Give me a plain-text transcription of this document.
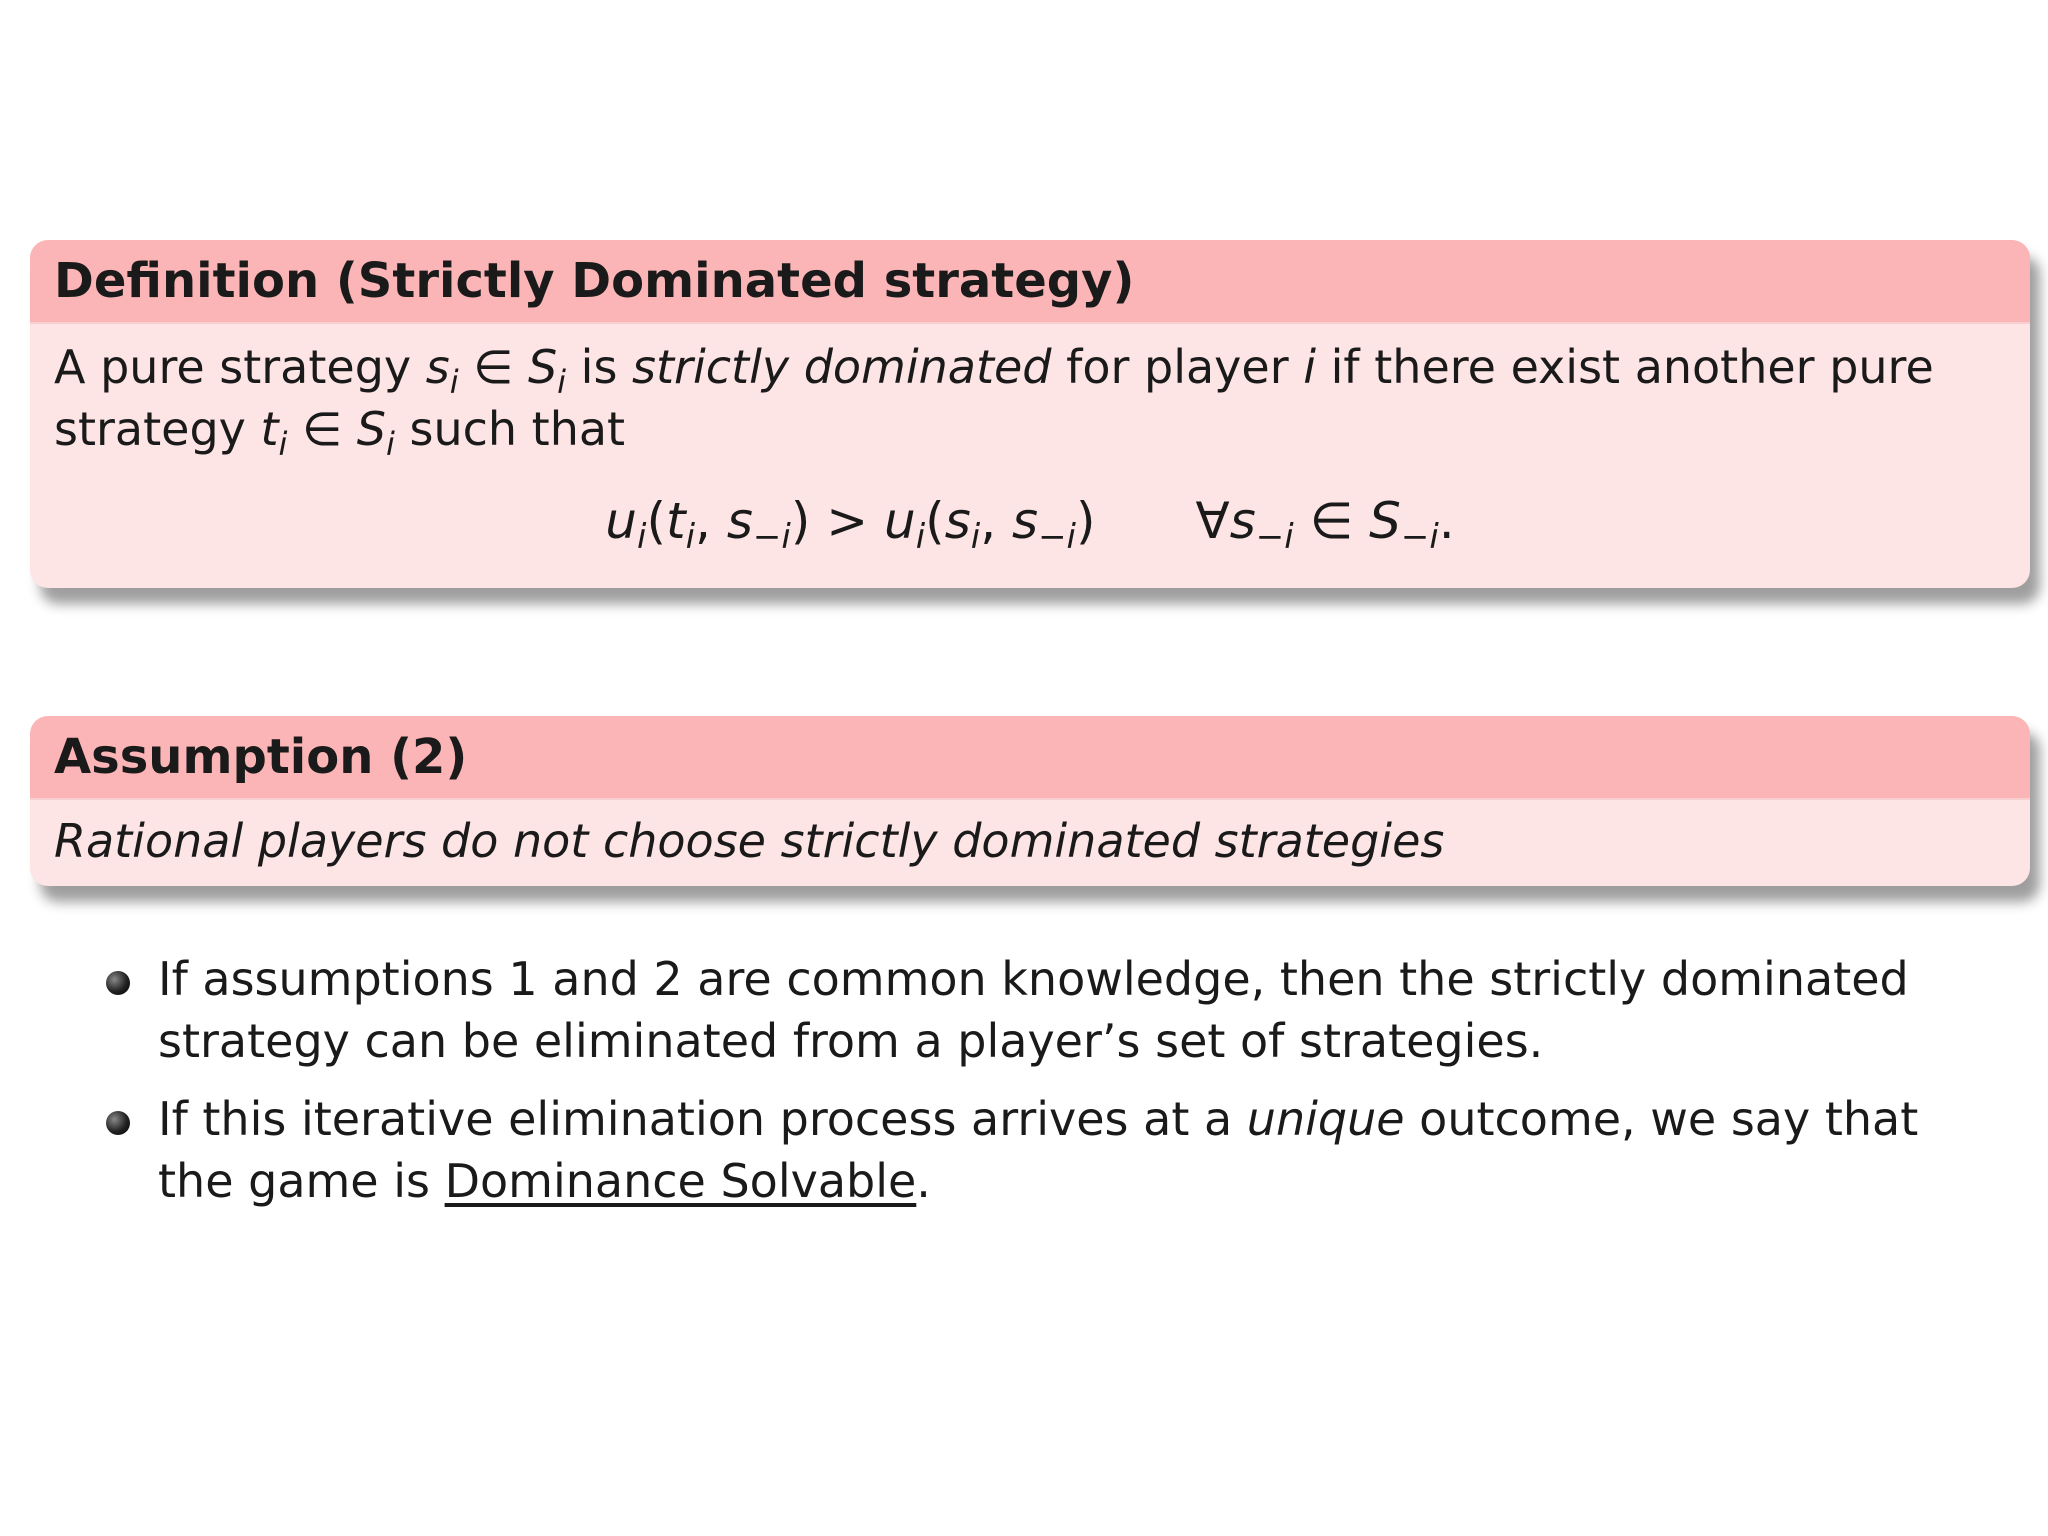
Definition (Strictly Dominated strategy)
A pure strategy $s_i$ ∈ $S_i$ is strictly dominated for player i if there exist another pure
strategy $t_i$ ∈ $S_i$ such that
$u_i(t_i$, $s_{-i}) > u_i(s_i$, $s_{-i}$) $\forall s_{-i}$ ∈ $S_{-i}$.
Assumption (2)
Rational players do not choose strictly dominated strategies
If assumptions 1 and 2 are common knowledge, then the strictly dominated strategy can be eliminated from a player’s set of strategies.
If this iterative elimination process arrives at a unique outcome, we say that the game is Dominance Solvable.
